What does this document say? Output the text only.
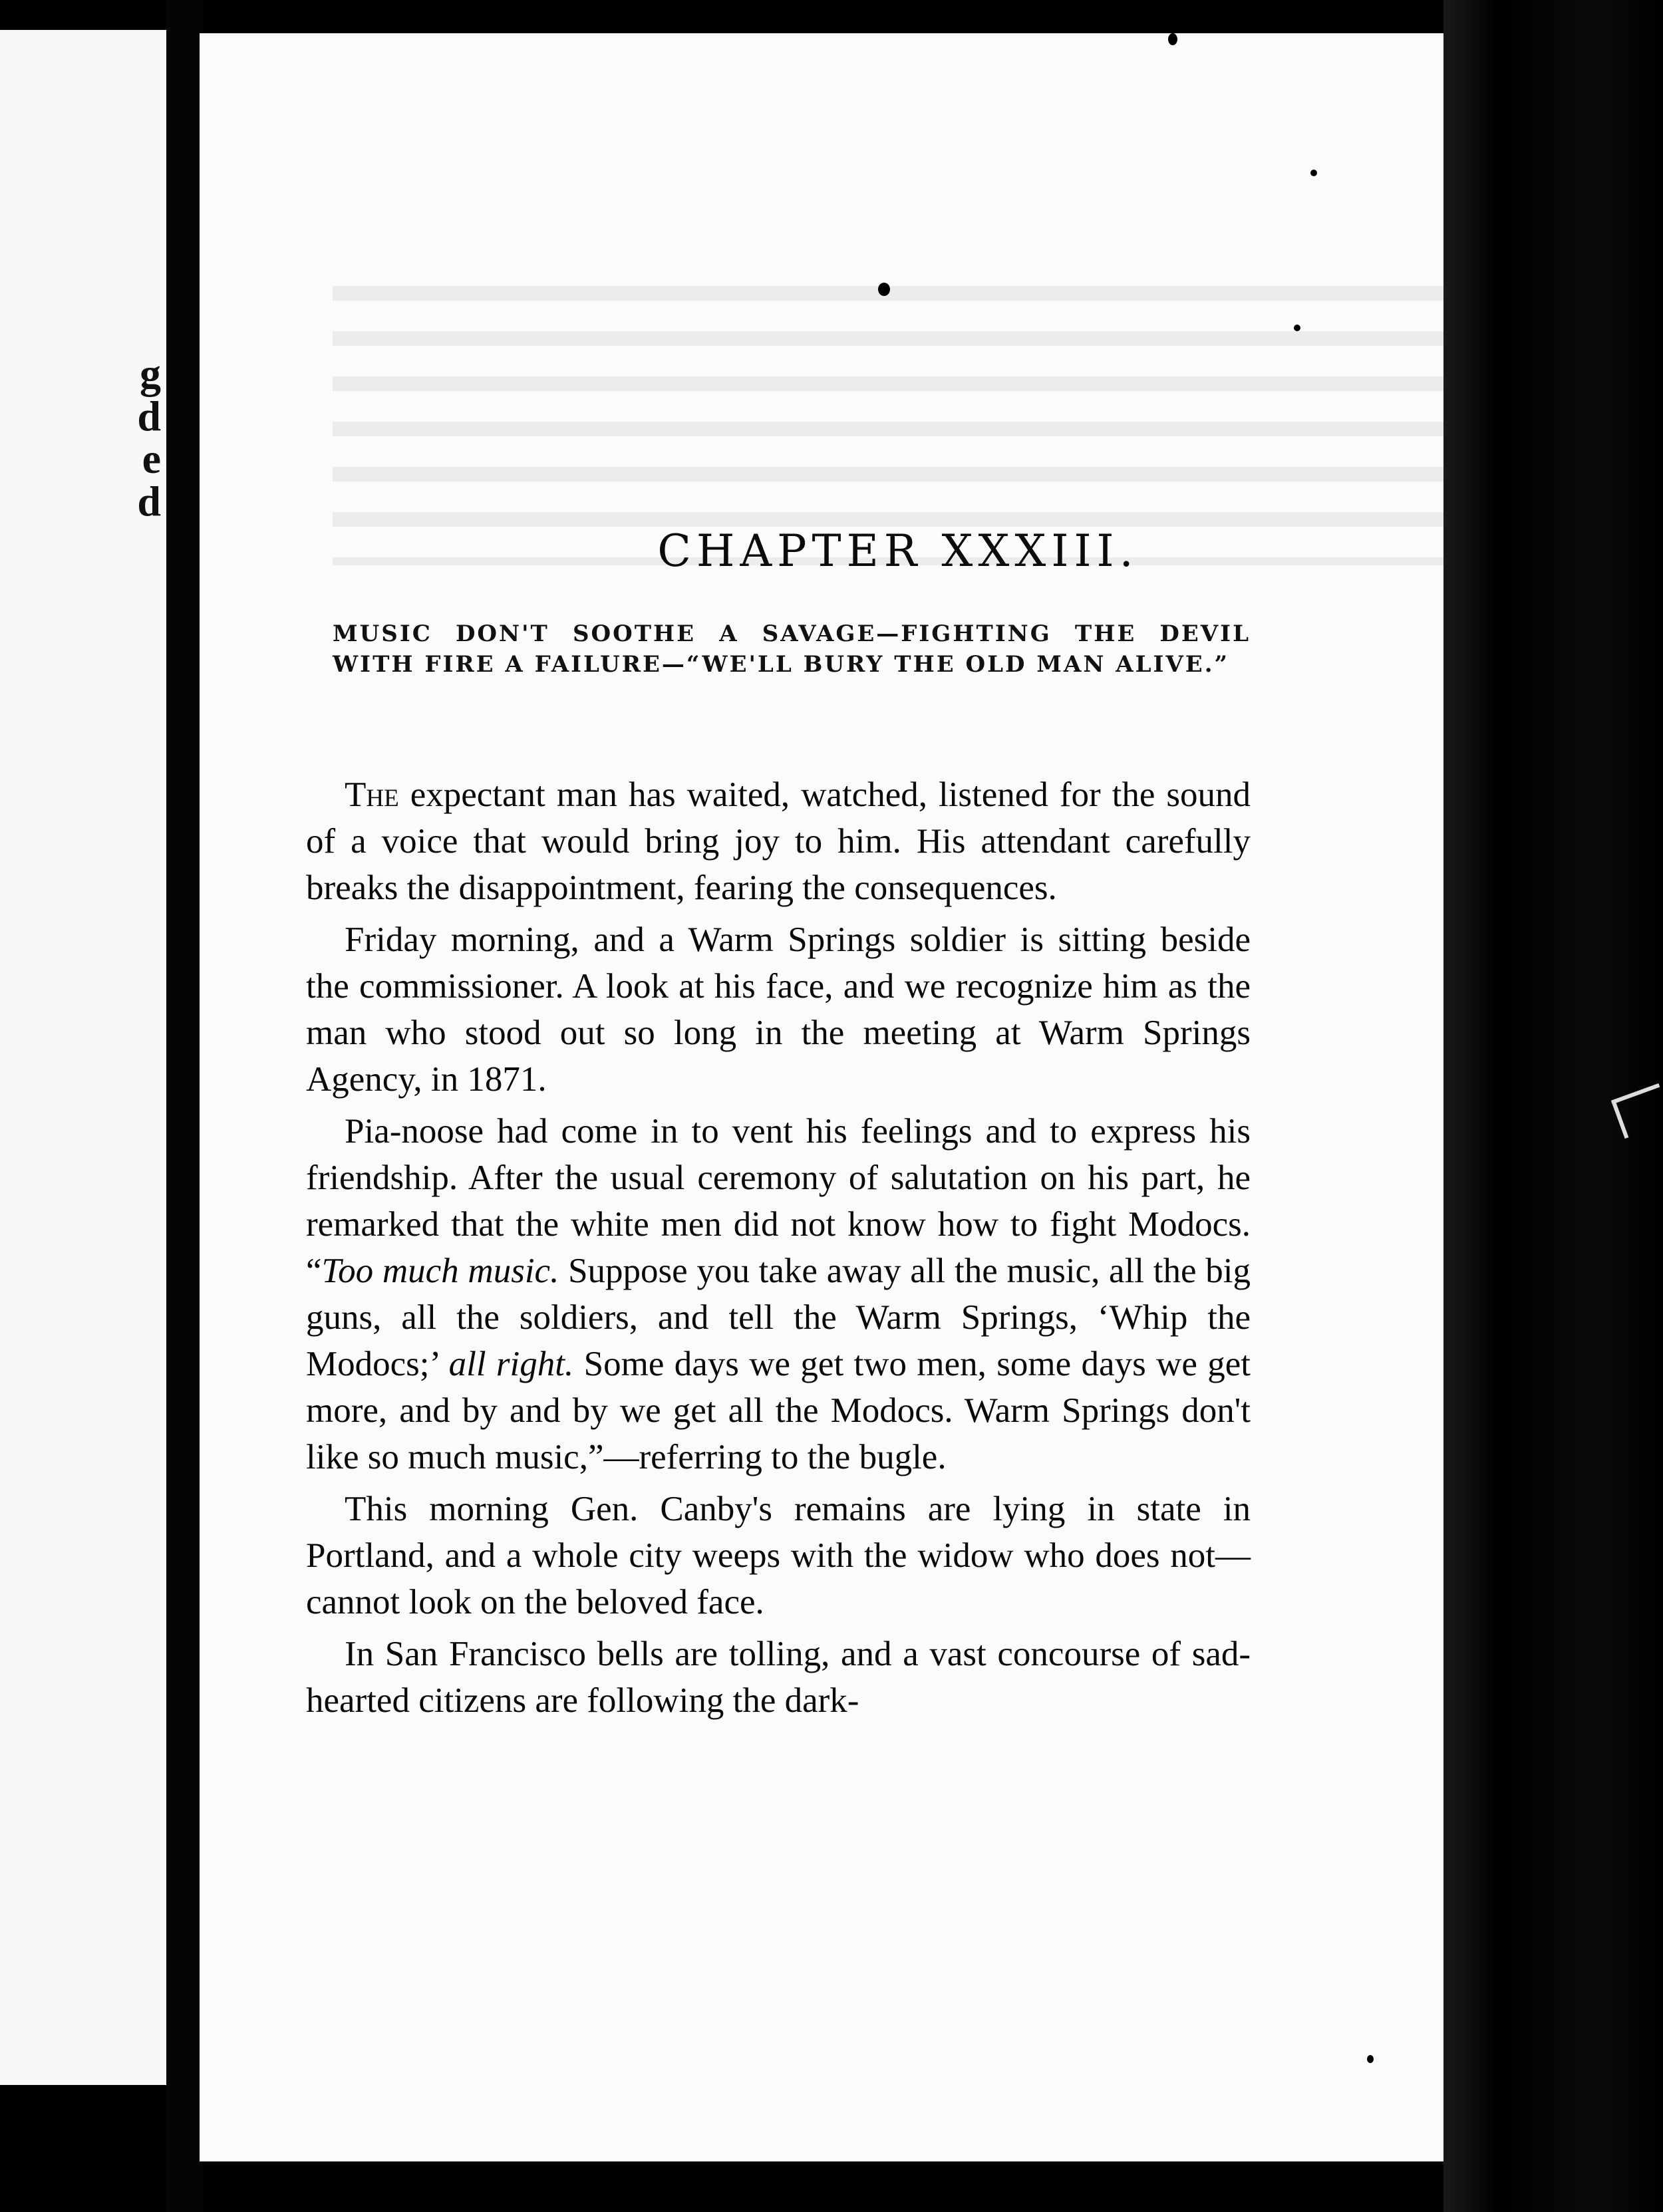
g
d
e
d
CHAPTER XXXIII.
MUSIC DON'T SOOTHE A SAVAGE—FIGHTING THE DEVIL WITH FIRE A FAILURE—“WE'LL BURY THE OLD MAN ALIVE.”

The expectant man has waited, watched, listened for the sound of a voice that would bring joy to him. His attendant carefully breaks the disappointment, fearing the consequences.

Friday morning, and a Warm Springs soldier is sitting beside the commissioner. A look at his face, and we recognize him as the man who stood out so long in the meeting at Warm Springs Agency, in 1871.

Pia-noose had come in to vent his feelings and to express his friendship. After the usual ceremony of salutation on his part, he remarked that the white men did not know how to fight Modocs. “Too much music. Suppose you take away all the music, all the big guns, all the soldiers, and tell the Warm Springs, ‘Whip the Modocs;’ all right. Some days we get two men, some days we get more, and by and by we get all the Modocs. Warm Springs don't like so much music,”—referring to the bugle.

This morning Gen. Canby's remains are lying in state in Portland, and a whole city weeps with the widow who does not—cannot look on the beloved face.

In San Francisco bells are tolling, and a vast concourse of sad-hearted citizens are following the dark-
